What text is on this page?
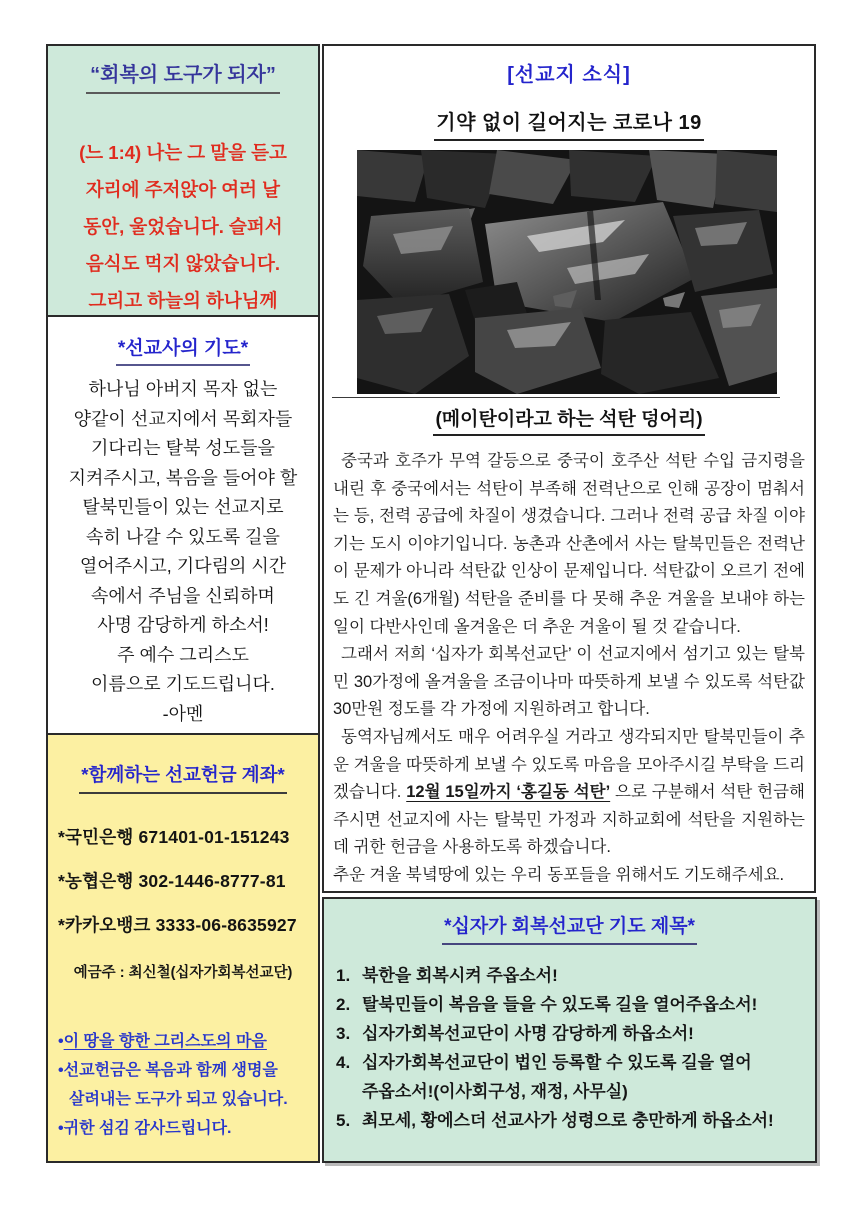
“회복의 도구가 되자”
(느 1:4) 나는 그 말을 듣고
자리에 주저앉아 여러 날
동안, 울었습니다. 슬퍼서
음식도 먹지 않았습니다.
그리고 하늘의 하나님께
*선교사의 기도*
하나님 아버지 목자 없는
양같이 선교지에서 목회자들
기다리는 탈북 성도들을
지켜주시고, 복음을 들어야 할
탈북민들이 있는 선교지로
속히 나갈 수 있도록 길을
열어주시고, 기다림의 시간
속에서 주님을 신뢰하며
사명 감당하게 하소서!
주 예수 그리스도
이름으로 기도드립니다.
-아멘
*함께하는 선교헌금 계좌*
*국민은행 671401-01-151243
*농협은행 302-1446-8777-81
*카카오뱅크 3333-06-8635927
예금주 : 최신철(십자가회복선교단)
•이 땅을 향한 그리스도의 마음
•선교헌금은 복음과 함께 생명을 살려내는 도구가 되고 있습니다.
•귀한 섬김 감사드립니다.
[선교지 소식]
기약 없이 길어지는 코로나 19
(메이탄이라고 하는 석탄 덩어리)

중국과 호주가 무역 갈등으로 중국이 호주산 석탄 수입 금지령을 내린 후 중국에서는 석탄이 부족해 전력난으로 인해 공장이 멈춰서는 등, 전력 공급에 차질이 생겼습니다. 그러나 전력 공급 차질 이야기는 도시 이야기입니다. 농촌과 산촌에서 사는 탈북민들은 전력난이 문제가 아니라 석탄값 인상이 문제입니다. 석탄값이 오르기 전에도 긴 겨울(6개월) 석탄을 준비를 다 못해 추운 겨울을 보내야 하는 일이 다반사인데 올겨울은 더 추운 겨울이 될 것 같습니다.

그래서 저희 ‘십자가 회복선교단’ 이 선교지에서 섬기고 있는 탈북민 30가정에 올겨울을 조금이나마 따뜻하게 보낼 수 있도록 석탄값 30만원 정도를 각 가정에 지원하려고 합니다.

동역자님께서도 매우 어려우실 거라고 생각되지만 탈북민들이 추운 겨울을 따뜻하게 보낼 수 있도록 마음을 모아주시길 부탁을 드리겠습니다. 12월 15일까지 ‘홍길동 석탄’ 으로 구분해서 석탄 헌금해 주시면 선교지에 사는 탈북민 가정과 지하교회에 석탄을 지원하는데 귀한 헌금을 사용하도록 하겠습니다.

추운 겨울 북녘땅에 있는 우리 동포들을 위해서도 기도해주세요.

*십자가 회복선교단 기도 제목*
1. 북한을 회복시켜 주옵소서!
2. 탈북민들이 복음을 들을 수 있도록 길을 열어주옵소서!
3. 십자가회복선교단이 사명 감당하게 하옵소서!
4. 십자가회복선교단이 법인 등록할 수 있도록 길을 열어 주옵소서!(이사회구성, 재정, 사무실)
5. 최모세, 황에스더 선교사가 성령으로 충만하게 하옵소서!
